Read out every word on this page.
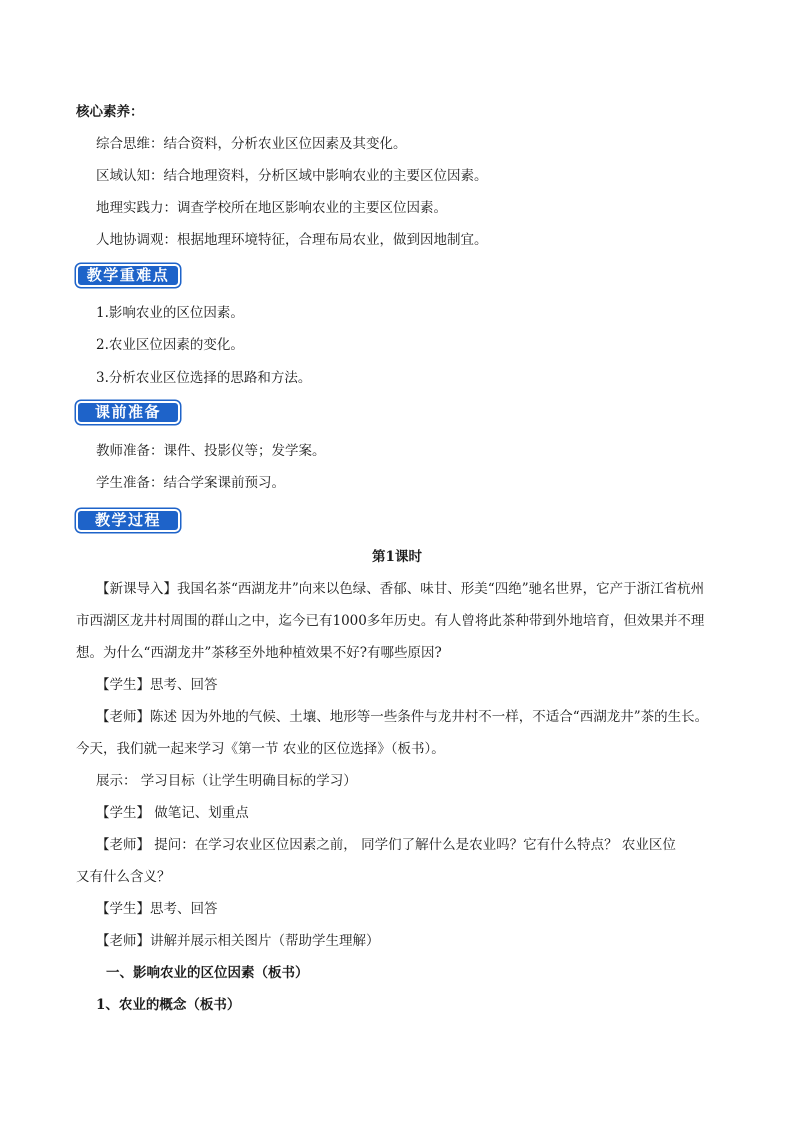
核心素养：
综合思维：结合资料，分析农业区位因素及其变化。
区域认知：结合地理资料，分析区域中影响农业的主要区位因素。
地理实践力：调查学校所在地区影响农业的主要区位因素。
人地协调观：根据地理环境特征，合理布局农业，做到因地制宜。
教学重难点
1.影响农业的区位因素。
2.农业区位因素的变化。
3.分析农业区位选择的思路和方法。
课前准备
教师准备：课件、投影仪等；发学案。
学生准备：结合学案课前预习。
教学过程
第1课时
【新课导入】我国名茶“西湖龙井”向来以色绿、香郁、味甘、形美“四绝”驰名世界，它产于浙江省杭州
市西湖区龙井村周围的群山之中，迄今已有1000多年历史。有人曾将此茶种带到外地培育，但效果并不理
想。为什么“西湖龙井”茶移至外地种植效果不好?有哪些原因?
【学生】思考、回答
【老师】陈述 因为外地的气候、土壤、地形等一些条件与龙井村不一样，不适合“西湖龙井”茶的生长。
今天，我们就一起来学习《第一节 农业的区位选择》（板书）。
展示： 学习目标（让学生明确目标的学习）
【学生】 做笔记、划重点
【老师】 提问：在学习农业区位因素之前， 同学们了解什么是农业吗？它有什么特点？ 农业区位
又有什么含义？
【学生】思考、回答
【老师】讲解并展示相关图片（帮助学生理解）
一、影响农业的区位因素（板书）
1、农业的概念（板书）
